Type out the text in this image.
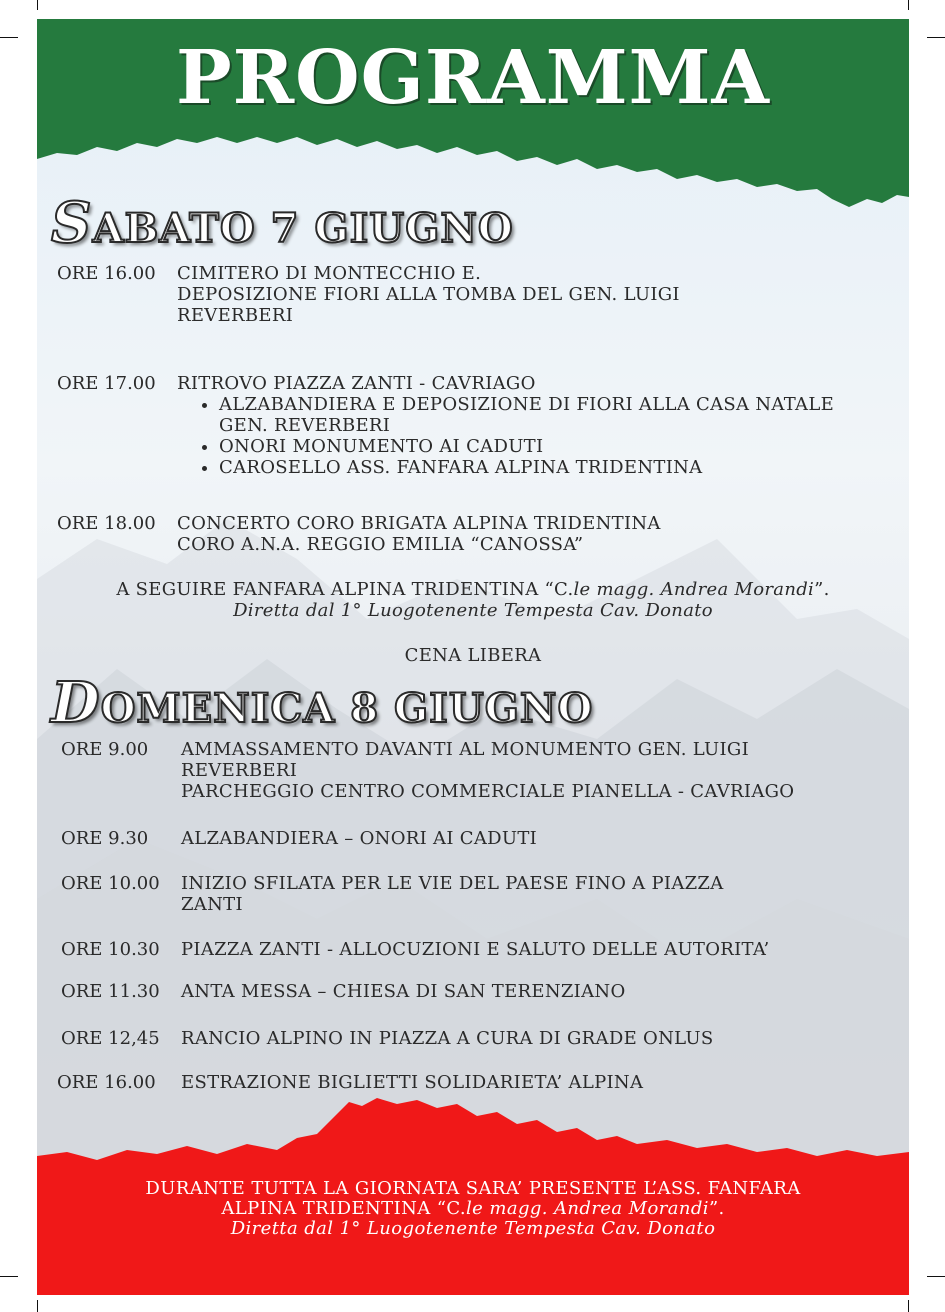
PROGRAMMA
SABATO 7 GIUGNO
ORE 16.00 CIMITERO DI MONTECCHIO E.
DEPOSIZIONE FIORI ALLA TOMBA DEL GEN. LUIGI
REVERBERI
ORE 17.00 RITROVO PIAZZA ZANTI - CAVRIAGO
• ALZABANDIERA E DEPOSIZIONE DI FIORI ALLA CASA NATALE GEN. REVERBERI
• ONORI MONUMENTO AI CADUTI
• CAROSELLO ASS. FANFARA ALPINA TRIDENTINA
ORE 18.00 CONCERTO CORO BRIGATA ALPINA TRIDENTINA
CORO A.N.A. REGGIO EMILIA “CANOSSA”
A SEGUIRE FANFARA ALPINA TRIDENTINA “C.le magg. Andrea Morandi”.
Diretta dal 1° Luogotenente Tempesta Cav. Donato
CENA LIBERA
DOMENICA 8 GIUGNO
ORE 9.00 AMMASSAMENTO DAVANTI AL MONUMENTO GEN. LUIGI
REVERBERI
PARCHEGGIO CENTRO COMMERCIALE PIANELLA - CAVRIAGO
ORE 9.30 ALZABANDIERA – ONORI AI CADUTI
ORE 10.00 INIZIO SFILATA PER LE VIE DEL PAESE FINO A PIAZZA
ZANTI
ORE 10.30 PIAZZA ZANTI - ALLOCUZIONI E SALUTO DELLE AUTORITA’
ORE 11.30 ANTA MESSA – CHIESA DI SAN TERENZIANO
ORE 12,45 RANCIO ALPINO IN PIAZZA A CURA DI GRADE ONLUS
ORE 16.00 ESTRAZIONE BIGLIETTI SOLIDARIETA’ ALPINA
DURANTE TUTTA LA GIORNATA SARA’ PRESENTE L’ASS. FANFARA
ALPINA TRIDENTINA “C.le magg. Andrea Morandi”.
Diretta dal 1° Luogotenente Tempesta Cav. Donato
